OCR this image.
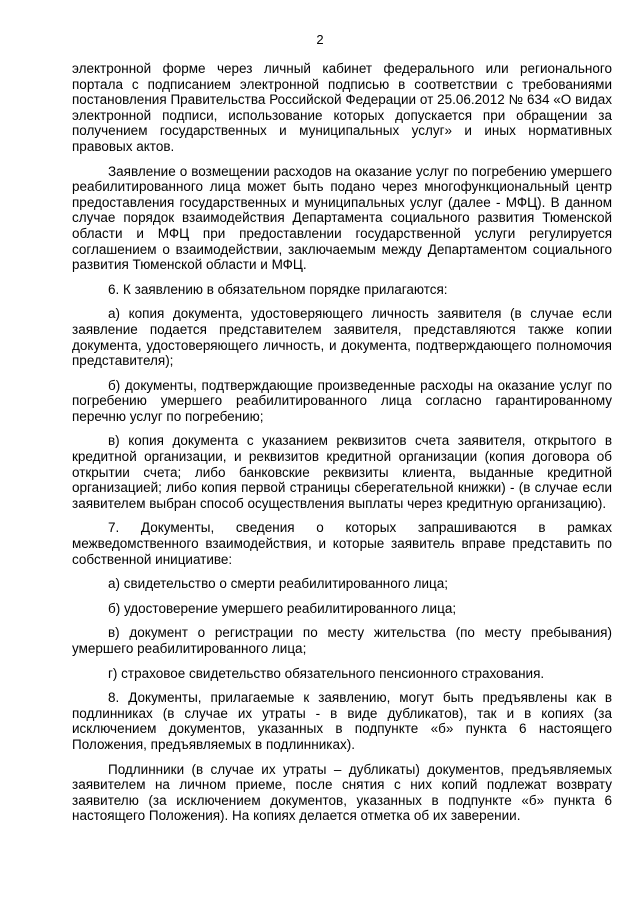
2

электронной форме через личный кабинет федерального или регионального портала с подписанием электронной подписью в соответствии с требованиями постановления Правительства Российской Федерации от 25.06.2012 № 634 «О видах электронной подписи, использование которых допускается при обращении за получением государственных и муниципальных услуг» и иных нормативных правовых актов.

Заявление о возмещении расходов на оказание услуг по погребению умершего реабилитированного лица может быть подано через многофункциональный центр предоставления государственных и муниципальных услуг (далее - МФЦ). В данном случае порядок взаимодействия Департамента социального развития Тюменской области и МФЦ при предоставлении государственной услуги регулируется соглашением о взаимодействии, заключаемым между Департаментом социального развития Тюменской области и МФЦ.

6. К заявлению в обязательном порядке прилагаются:

а) копия документа, удостоверяющего личность заявителя (в случае если заявление подается представителем заявителя, представляются также копии документа, удостоверяющего личность, и документа, подтверждающего полномочия представителя);

б) документы, подтверждающие произведенные расходы на оказание услуг по погребению умершего реабилитированного лица согласно гарантированному перечню услуг по погребению;

в) копия документа с указанием реквизитов счета заявителя, открытого в кредитной организации, и реквизитов кредитной организации (копия договора об открытии счета; либо банковские реквизиты клиента, выданные кредитной организацией; либо копия первой страницы сберегательной книжки) - (в случае если заявителем выбран способ осуществления выплаты через кредитную организацию).

7. Документы, сведения о которых запрашиваются в рамках межведомственного взаимодействия, и которые заявитель вправе представить по собственной инициативе:

а) свидетельство о смерти реабилитированного лица;

б) удостоверение умершего реабилитированного лица;

в) документ о регистрации по месту жительства (по месту пребывания) умершего реабилитированного лица;

г) страховое свидетельство обязательного пенсионного страхования.

8. Документы, прилагаемые к заявлению, могут быть предъявлены как в подлинниках (в случае их утраты - в виде дубликатов), так и в копиях (за исключением документов, указанных в подпункте «б» пункта 6 настоящего Положения, предъявляемых в подлинниках).

Подлинники (в случае их утраты – дубликаты) документов, предъявляемых заявителем на личном приеме, после снятия с них копий подлежат возврату заявителю (за исключением документов, указанных в подпункте «б» пункта 6 настоящего Положения). На копиях делается отметка об их заверении.
